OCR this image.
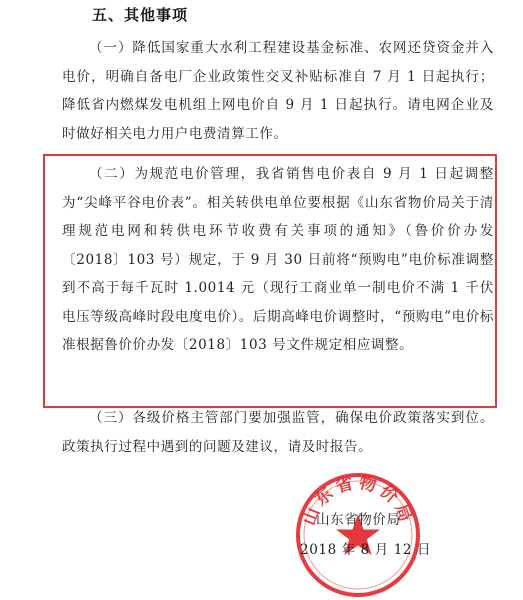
五、其他事项

（一）降低国家重大水利工程建设基金标准、农网还贷资金并入电价，明确自备电厂企业政策性交叉补贴标准自 7 月 1 日起执行；降低省内燃煤发电机组上网电价自 9 月 1 日起执行。请电网企业及时做好相关电力用户电费清算工作。

（二）为规范电价管理，我省销售电价表自 9 月 1 日起调整为“尖峰平谷电价表”。相关转供电单位要根据《山东省物价局关于清理规范电网和转供电环节收费有关事项的通知》（鲁价价办发〔2018〕103 号）规定，于 9 月 30 日前将“预购电”电价标准调整到不高于每千瓦时 1.0014 元（现行工商业单一制电价不满 1 千伏电压等级高峰时段电度电价）。后期高峰电价调整时，“预购电”电价标准根据鲁价价办发〔2018〕103 号文件规定相应调整。

（三）各级价格主管部门要加强监管，确保电价政策落实到位。政策执行过程中遇到的问题及建议，请及时报告。

山东省物价局
山东省物价局
2018 年 8 月 12 日
